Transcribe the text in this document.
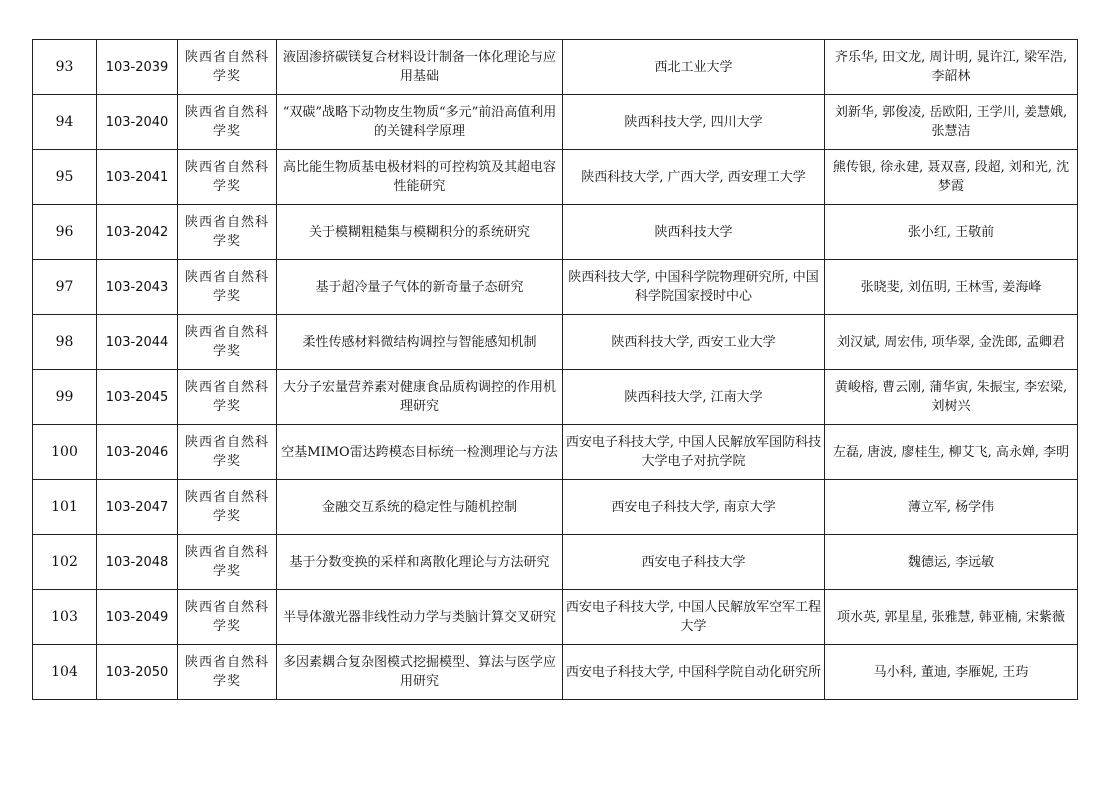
93	103-2039	陕西省自然科学奖	液固渗挤碳镁复合材料设计制备一体化理论与应用基础	西北工业大学	齐乐华, 田文龙, 周计明, 晁许江, 梁军浩, 李韶林
94	103-2040	陕西省自然科学奖	“双碳”战略下动物皮生物质“多元”前沿高值利用的关键科学原理	陕西科技大学, 四川大学	刘新华, 郭俊凌, 岳欧阳, 王学川, 姜慧娥, 张慧洁
95	103-2041	陕西省自然科学奖	高比能生物质基电极材料的可控构筑及其超电容性能研究	陕西科技大学, 广西大学, 西安理工大学	熊传银, 徐永建, 聂双喜, 段超, 刘和光, 沈梦霞
96	103-2042	陕西省自然科学奖	关于模糊粗糙集与模糊积分的系统研究	陕西科技大学	张小红, 王敬前
97	103-2043	陕西省自然科学奖	基于超冷量子气体的新奇量子态研究	陕西科技大学, 中国科学院物理研究所, 中国科学院国家授时中心	张晓斐, 刘伍明, 王林雪, 姜海峰
98	103-2044	陕西省自然科学奖	柔性传感材料微结构调控与智能感知机制	陕西科技大学, 西安工业大学	刘汉斌, 周宏伟, 项华翠, 金洗郎, 孟卿君
99	103-2045	陕西省自然科学奖	大分子宏量营养素对健康食品质构调控的作用机理研究	陕西科技大学, 江南大学	黄峻榕, 曹云刚, 蒲华寅, 朱振宝, 李宏梁, 刘树兴
100	103-2046	陕西省自然科学奖	空基MIMO雷达跨模态目标统一检测理论与方法	西安电子科技大学, 中国人民解放军国防科技大学电子对抗学院	左磊, 唐波, 廖桂生, 柳艾飞, 高永婵, 李明
101	103-2047	陕西省自然科学奖	金融交互系统的稳定性与随机控制	西安电子科技大学, 南京大学	薄立军, 杨学伟
102	103-2048	陕西省自然科学奖	基于分数变换的采样和离散化理论与方法研究	西安电子科技大学	魏德运, 李远敏
103	103-2049	陕西省自然科学奖	半导体激光器非线性动力学与类脑计算交叉研究	西安电子科技大学, 中国人民解放军空军工程大学	项水英, 郭星星, 张雅慧, 韩亚楠, 宋紫薇
104	103-2050	陕西省自然科学奖	多因素耦合复杂图模式挖掘模型、算法与医学应用研究	西安电子科技大学, 中国科学院自动化研究所	马小科, 董迪, 李雁妮, 王玙
